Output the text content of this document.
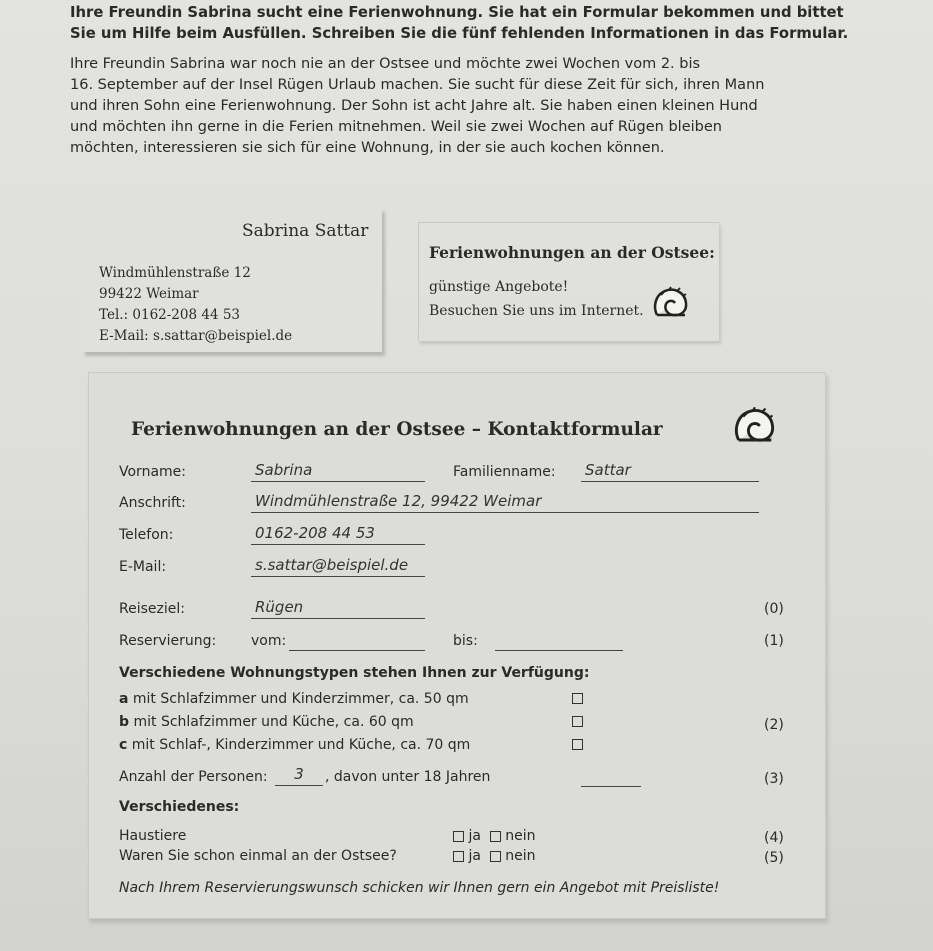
Ihre Freundin Sabrina sucht eine Ferienwohnung. Sie hat ein Formular bekommen und bittet

Sie um Hilfe beim Ausfüllen. Schreiben Sie die fünf fehlenden Informationen in das Formular.

Ihre Freundin Sabrina war noch nie an der Ostsee und möchte zwei Wochen vom 2. bis

16. September auf der Insel Rügen Urlaub machen. Sie sucht für diese Zeit für sich, ihren Mann

und ihren Sohn eine Ferienwohnung. Der Sohn ist acht Jahre alt. Sie haben einen kleinen Hund

und möchten ihn gerne in die Ferien mitnehmen. Weil sie zwei Wochen auf Rügen bleiben

möchten, interessieren sie sich für eine Wohnung, in der sie auch kochen können.

Sabrina Sattar
Windmühlenstraße 12
99422 Weimar
Tel.: 0162-208 44 53
E-Mail: s.sattar@beispiel.de
Ferienwohnungen an der Ostsee:
günstige Angebote!
Besuchen Sie uns im Internet.
Ferienwohnungen an der Ostsee – Kontaktformular
Vorname:	Sabrina	Familienname: Sattar
Anschrift:	Windmühlenstraße 12, 99422 Weimar
Telefon:	0162-208 44 53
E-Mail:	s.sattar@beispiel.de
Reiseziel:	Rügen	(0)
Reservierung: vom:	bis:	(1)
Verschiedene Wohnungstypen stehen Ihnen zur Verfügung:
a mit Schlafzimmer und Kinderzimmer, ca. 50 qm
b mit Schlafzimmer und Küche, ca. 60 qm	(2)
c mit Schlaf-, Kinderzimmer und Küche, ca. 70 qm
Anzahl der Personen:	3	, davon unter 18 Jahren	(3)
Verschiedenes:
Haustiere	ja nein	(4)
Waren Sie schon einmal an der Ostsee?	ja nein	(5)
Nach Ihrem Reservierungswunsch schicken wir Ihnen gern ein Angebot mit Preisliste!
